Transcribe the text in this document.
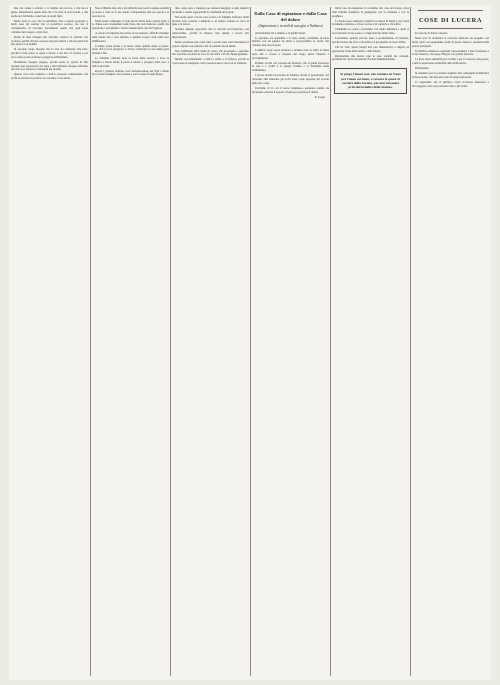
Dio che venne a salvarci e ci redime dal peccato, e che non è giusto abbandonare quella fede che ci fu data ai nostri padri, e che anche noi dobbiamo conservare ai nostri figli.

Molte sono le cose che si potrebbero dire a questo proposito e molti sono gli esempi che si potrebbero portare, ma noi ci contenteremo di ricordare brevemente quello che ogni buon cristiano deve sapere e deve fare.

Prima di tutto bisogna che ciascuno conosca la dottrina che professa, perché chi non conosce non può amare e chi non ama non può servire con fedeltà.

In secondo luogo bisogna che la vita sia conforme alla fede, perché la fede senza le opere è morta, e chi dice di credere e poi vive come se non credesse è peggiore dell'infedele.

Finalmente bisogna pregare, perché senza la grazia di Dio nessuno può perseverare nel bene e tutti abbiamo bisogno dell'aiuto del cielo per vincere le tentazioni del mondo.

Queste cose sono semplici e tutti le possono comprendere, ma pochi le mettono in pratica con costanza e con amore.

Non è difficile dire, ma è più difficile fare; perciò ognuno esamini se stesso e veda se le sue azioni corrispondono alle sue parole e ai suoi doveri.

Nelle nostre campagne si vede ancora molta fede e molta pietà, e le chiese sono frequentate nelle feste, ma non mancano quelli che trascurano i sacramenti e vivono lontani dalla casa del Signore.

A costoro rivolgiamo una parola di esortazione, affinché ritornino sulla buona via e non abbiano a pentirsi troppo tardi della loro indifferenza.

Il tempo passa presto e la morte viene quando meno si pensa; beato chi si trova preparato e chi ha conservato la sua anima pura davanti a Dio.

Le famiglie cristiane sono la forza della società, e dove la famiglia è buona anche il paese è buono e prospera nella pace e nella concordia.

Perciò i genitori abbiano cura dell'educazione dei figli e diano loro il buon esempio con le parole e con le opere di ogni giorno.

dire, come pure a riguardo per ottenere maggiori e tanti benefici necessari a render sopportabili le condizioni del popolo.

Nei nostri paesi i lavori sono scarsi e le famiglie soffrono; molti giovani sono costretti a emigrare e ad andare lontano in cerca di pane e di lavoro.

Sarebbe dunque opportuno che le autorità provvedessero con sollecitudine, perché la miseria non spinga i poveri alla disperazione.

Molte promesse sono state fatte e poche sono state mantenute; il popolo aspetta con pazienza, ma la pazienza ha un limite.

Noi confidiamo nella bontà di coloro che governano e speriamo che vorranno ascoltare la voce di chi soffre e di chi chiede giustizia.

Intanto raccomandiamo a tutti la calma e la fiducia, perché le cose buone si ottengono con la perseveranza e non con la violenza.

Dalla Casa di espiazione e dalla Casa del dolore
(Impressioni e ricordi di una gita a Nuthera)

Al Presidente del Comitato e ai gentili lettori.

La giornata era splendida e il cielo sereno; partimmo di buon mattino con un gruppo di amici e percorremmo la strada che conduce alla casa di pena.

L'edificio sorge sopra un'altura e domina tutta la valle; le mura sono alte e severe e l'aspetto del luogo ispira tristezza e raccoglimento.

Fummo accolti con cortesia dal direttore, che ci guidò attraverso le sale e i cortili e ci spiegò l'ordine e la disciplina dello stabilimento.

I poveri reclusi lavoravano in silenzio; alcuni ci guardavano con curiosità, altri tenevano gli occhi bassi come oppressi dal ricordo delle loro colpe.

Uscimmo di là con il cuore commosso, pensando quanto sia necessario educare il popolo al bene per prevenire il delitto.

N. Longo

Dalla casa di espiazione ci recammo alla casa del dolore, dove tanti infermi attendono la guarigione con la pazienza e con la preghiera.

Le buone suore assistono i malati con amore di madri e con carità veramente cristiana, e il loro sorriso è di conforto a chi soffre.

Visitammo le corsie e parlammo con molti ammalati, i quali ci raccontavano le loro pene e ci ringraziavano della visita.

Lasciammo qualche piccolo dono e promettemmo di ritornare, perché il bene che si fa a chi soffre è il più gradito al cuore di Dio.

Chi ha visto questi luoghi non può dimenticarli, e impara ad apprezzare i beni della salute e della libertà.

Ritornammo alle nostre case la sera, stanchi ma contenti, portando nel cuore una lezione che non dimenticheremo.

Si prega i buoni soci, che vennero in Vasto per l'anno corrente, a versare le quote al cassiere della Società, per non rimanere privi dei benefici dello Statuto.
COSE DI LUCERA

Il concerto di Santa Caterina.

Nella sera di domenica il concerto musicale ha eseguito con molto gusto un programma scelto di pezzi classici e moderni nella piazza principale.

Il pubblico numeroso applaudì calorosamente i bravi suonatori e il loro maestro, che seppe dirigere con grande maestria.

La festa riuscì splendida per l'ordine e per il concorso del popolo, e tutti si separarono soddisfatti della bella serata.

Il Politeama.

Si annunzia per la prossima stagione una compagnia drammatica di buon nome, che darà una serie di rappresentazioni.

Ci auguriamo che il pubblico vorrà accorrere numeroso e incoraggiare con la sua presenza l'arte e gli artisti.
